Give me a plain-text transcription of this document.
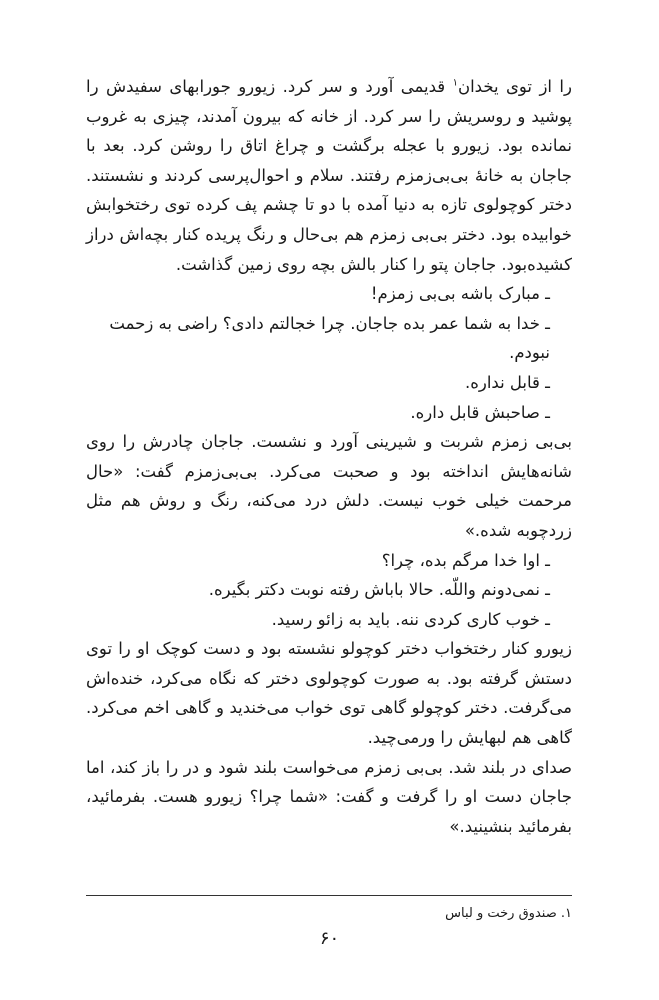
را از توی یخدان$^۱$ قدیمی آورد و سر کرد. زیورو جورابهای سفیدش را پوشید و روسریش را سر کرد. از خانه که بیرون آمدند، چیزی به غروب نمانده بود. زیورو با عجله برگشت و چراغ اتاق را روشن کرد. بعد با جاجان به خانهٔ بی‌بی‌زمزم رفتند. سلام و احوال‌پرسی کردند و نشستند. دختر کوچولوی تازه به دنیا آمده با دو تا چشم پف کرده توی رختخوابش خوابیده بود. دختر بی‌بی زمزم هم بی‌حال و رنگ پریده کنار بچه‌اش دراز کشیده‌بود. جاجان پتو را کنار بالش بچه روی زمین گذاشت.

ـ مبارک باشه بی‌بی زمزم!

ـ خدا به شما عمر بده جاجان. چرا خجالتم دادی؟ راضی به زحمت نبودم.

ـ قابل نداره.

ـ صاحبش قابل داره.

بی‌بی زمزم شربت و شیرینی آورد و نشست. جاجان چادرش را روی شانه‌هایش انداخته بود و صحبت می‌کرد. بی‌بی‌زمزم گفت: «حال مرحمت خیلی خوب نیست. دلش درد می‌کنه، رنگ و روش هم مثل زردچوبه شده.»

ـ اوا خدا مرگم بده، چرا؟

ـ نمی‌دونم واللّه. حالا باباش رفته نوبت دکتر بگیره.

ـ خوب کاری کردی ننه. باید به زائو رسید.

زیورو کنار رختخواب دختر کوچولو نشسته بود و دست کوچک او را توی دستش گرفته بود. به صورت کوچولوی دختر که نگاه می‌کرد، خنده‌اش می‌گرفت. دختر کوچولو گاهی توی خواب می‌خندید و گاهی اخم می‌کرد. گاهی هم لبهایش را ورمی‌چید.

صدای در بلند شد. بی‌بی زمزم می‌خواست بلند شود و در را باز کند، اما جاجان دست او را گرفت و گفت: «شما چرا؟ زیورو هست. بفرمائید، بفرمائید بنشینید.»

۱. صندوق رخت و لباس
۶۰
